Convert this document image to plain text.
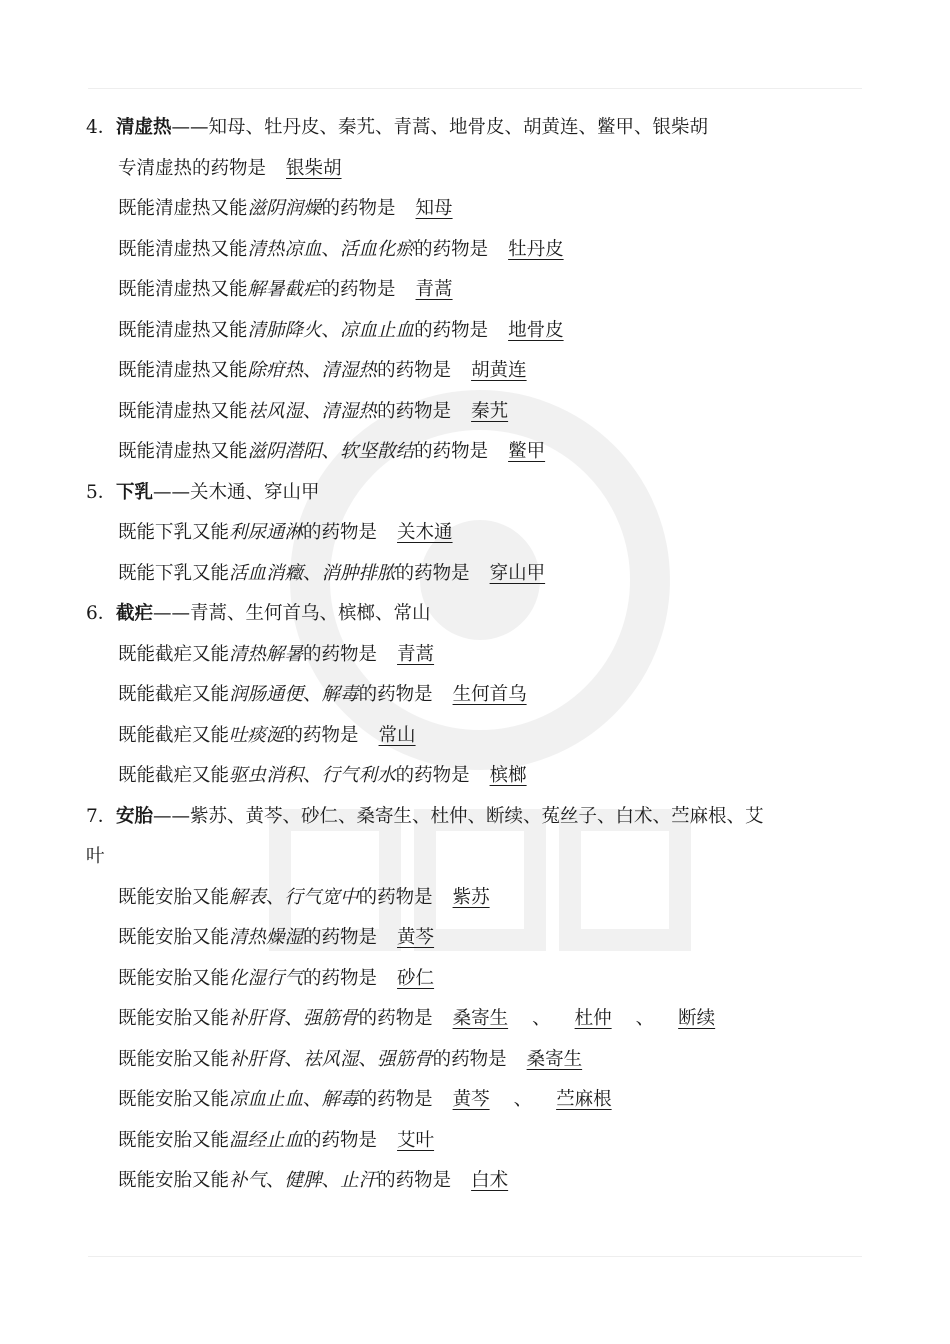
4．清虚热——知母、牡丹皮、秦艽、青蒿、地骨皮、胡黄连、鳖甲、银柴胡
专清虚热的药物是 银柴胡
既能清虚热又能滋阴润燥的药物是 知母
既能清虚热又能清热凉血、活血化瘀的药物是 牡丹皮
既能清虚热又能解暑截疟的药物是 青蒿
既能清虚热又能清肺降火、凉血止血的药物是 地骨皮
既能清虚热又能除疳热、清湿热的药物是 胡黄连
既能清虚热又能祛风湿、清湿热的药物是 秦艽
既能清虚热又能滋阴潜阳、软坚散结的药物是 鳖甲
5．下乳——关木通、穿山甲
既能下乳又能利尿通淋的药物是 关木通
既能下乳又能活血消癥、消肿排脓的药物是 穿山甲
6．截疟——青蒿、生何首乌、槟榔、常山
既能截疟又能清热解暑的药物是 青蒿
既能截疟又能润肠通便、解毒的药物是 生何首乌
既能截疟又能吐痰涎的药物是 常山
既能截疟又能驱虫消积、行气利水的药物是 槟榔
7．安胎——紫苏、黄芩、砂仁、桑寄生、杜仲、断续、菟丝子、白术、苎麻根、艾
叶
既能安胎又能解表、行气宽中的药物是 紫苏
既能安胎又能清热燥湿的药物是 黄芩
既能安胎又能化湿行气的药物是 砂仁
既能安胎又能补肝肾、强筋骨的药物是 桑寄生 、 杜仲 、 断续
既能安胎又能补肝肾、祛风湿、强筋骨的药物是 桑寄生
既能安胎又能凉血止血、解毒的药物是 黄芩 、 苎麻根
既能安胎又能温经止血的药物是 艾叶
既能安胎又能补气、健脾、止汗的药物是 白术
